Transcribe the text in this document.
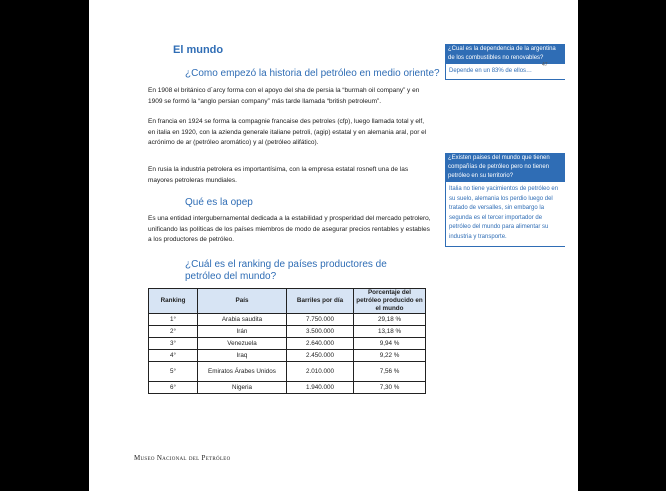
El mundo
¿Como empezó la historia del petróleo en medio oriente?
En 1908 el británico d´arcy forma con el apoyo del sha de persia la “burmah oil company” y en 1909 se formó la “anglo persian company” más tarde llamada “british petroleum”.
En francia en 1924 se forma la compagnie francaise des petroles (cfp), luego llamada total y elf, en italia en 1920, con la azienda generale italiane petroli, (agip) estatal y en alemania aral, por el acrónimo de ar (petróleo aromático) y al (petróleo alifático).
En rusia la industria petrolera es importantísima, con la empresa estatal rosneft una de las mayores petroleras mundiales.
Qué es la opep
Es una entidad intergubernamental dedicada a la estabilidad y prosperidad del mercado petrolero, unificando las políticas de los países miembros de modo de asegurar precios rentables y estables a los productores de petróleo.
¿Cuál es el ranking de países productores de petróleo del mundo?
Ranking	País	Barriles por día	Porcentaje del petróleo producido en el mundo
1°	Arabia saudita	7.750.000	29,18 %
2°	Irán	3.500.000	13,18 %
3°	Venezuela	2.640.000	9,94 %
4°	Iraq	2.450.000	9,22 %
5°	Emiratos Árabes Unidos	2.010.000	7,56 %
6°	Nigeria	1.940.000	7,30 %
¿Cual es la dependencia de la argentina de los combustibles no renovables?
Depende en un 83% de ellos…
47
¿Existen paises del mundo que tienen compañías de petróleo pero no tienen petróleo en su territorio?
Italia no tiene yacimientos de petróleo en su suelo, alemania los perdio luego del tratado de versalles, sin embargo la segunda es el tercer importador de petróleo del mundo para alimentar su industria y transporte.
Museo Nacional del Petróleo
